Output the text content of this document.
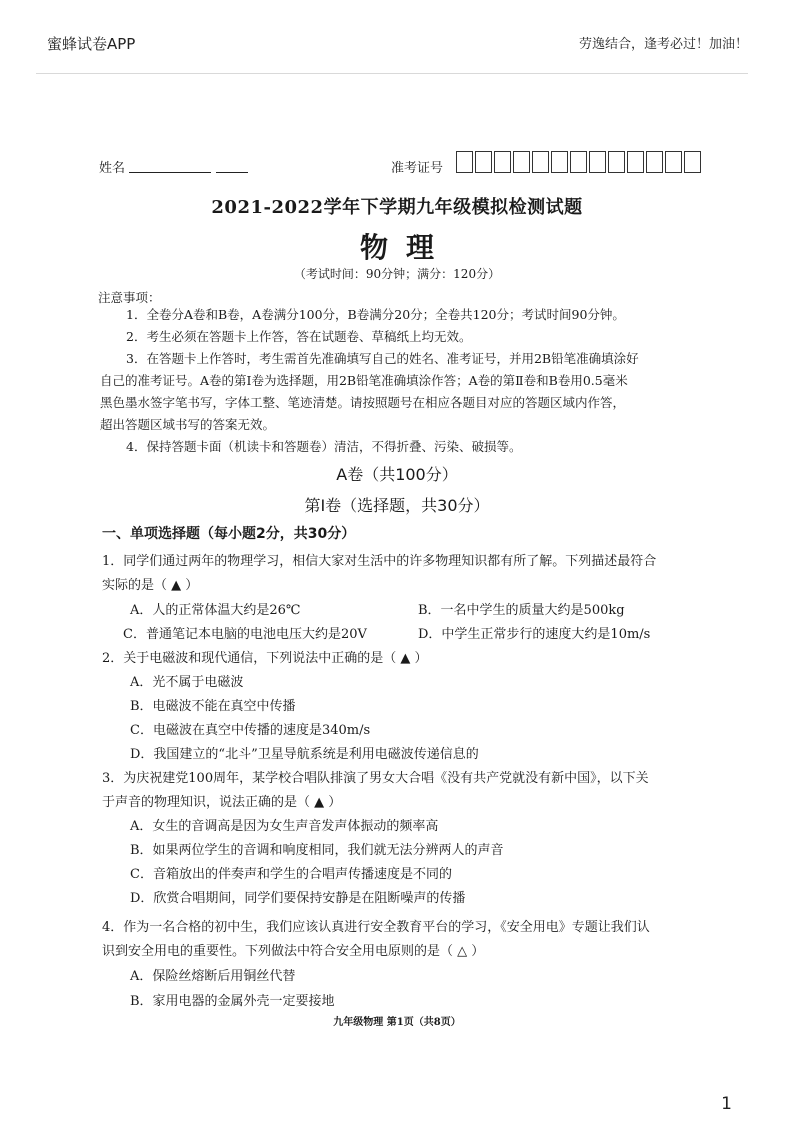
蜜蜂试卷APP	劳逸结合，逢考必过！加油！
姓名	准考证号
2021-2022学年下学期九年级模拟检测试题
物理
（考试时间：90分钟；满分：120分）
注意事项：
1．全卷分A卷和B卷，A卷满分100分，B卷满分20分；全卷共120分；考试时间90分钟。
2．考生必须在答题卡上作答，答在试题卷、草稿纸上均无效。
3．在答题卡上作答时，考生需首先准确填写自己的姓名、准考证号，并用2B铅笔准确填涂好
自己的准考证号。A卷的第Ⅰ卷为选择题，用2B铅笔准确填涂作答；A卷的第Ⅱ卷和B卷用0.5毫米
黑色墨水签字笔书写，字体工整、笔迹清楚。请按照题号在相应各题目对应的答题区域内作答，
超出答题区域书写的答案无效。
4．保持答题卡面（机读卡和答题卷）清洁，不得折叠、污染、破损等。
A卷（共100分）
第Ⅰ卷（选择题，共30分）
一、单项选择题（每小题2分，共30分）
1．同学们通过两年的物理学习，相信大家对生活中的许多物理知识都有所了解。下列描述最符合
实际的是（ ▲ ）
A．人的正常体温大约是26℃	B．一名中学生的质量大约是500kg
C．普通笔记本电脑的电池电压大约是20V	D．中学生正常步行的速度大约是10m/s
2．关于电磁波和现代通信，下列说法中正确的是（ ▲ ）
A．光不属于电磁波
B．电磁波不能在真空中传播
C．电磁波在真空中传播的速度是340m/s
D．我国建立的“北斗”卫星导航系统是利用电磁波传递信息的
3．为庆祝建党100周年，某学校合唱队排演了男女大合唱《没有共产党就没有新中国》，以下关
于声音的物理知识，说法正确的是（ ▲ ）
A．女生的音调高是因为女生声音发声体振动的频率高
B．如果两位学生的音调和响度相同，我们就无法分辨两人的声音
C．音箱放出的伴奏声和学生的合唱声传播速度是不同的
D．欣赏合唱期间，同学们要保持安静是在阻断噪声的传播
4．作为一名合格的初中生，我们应该认真进行安全教育平台的学习，《安全用电》专题让我们认
识到安全用电的重要性。下列做法中符合安全用电原则的是（ △ ）
A．保险丝熔断后用铜丝代替
B．家用电器的金属外壳一定要接地
九年级物理 第1页（共8页）
1
